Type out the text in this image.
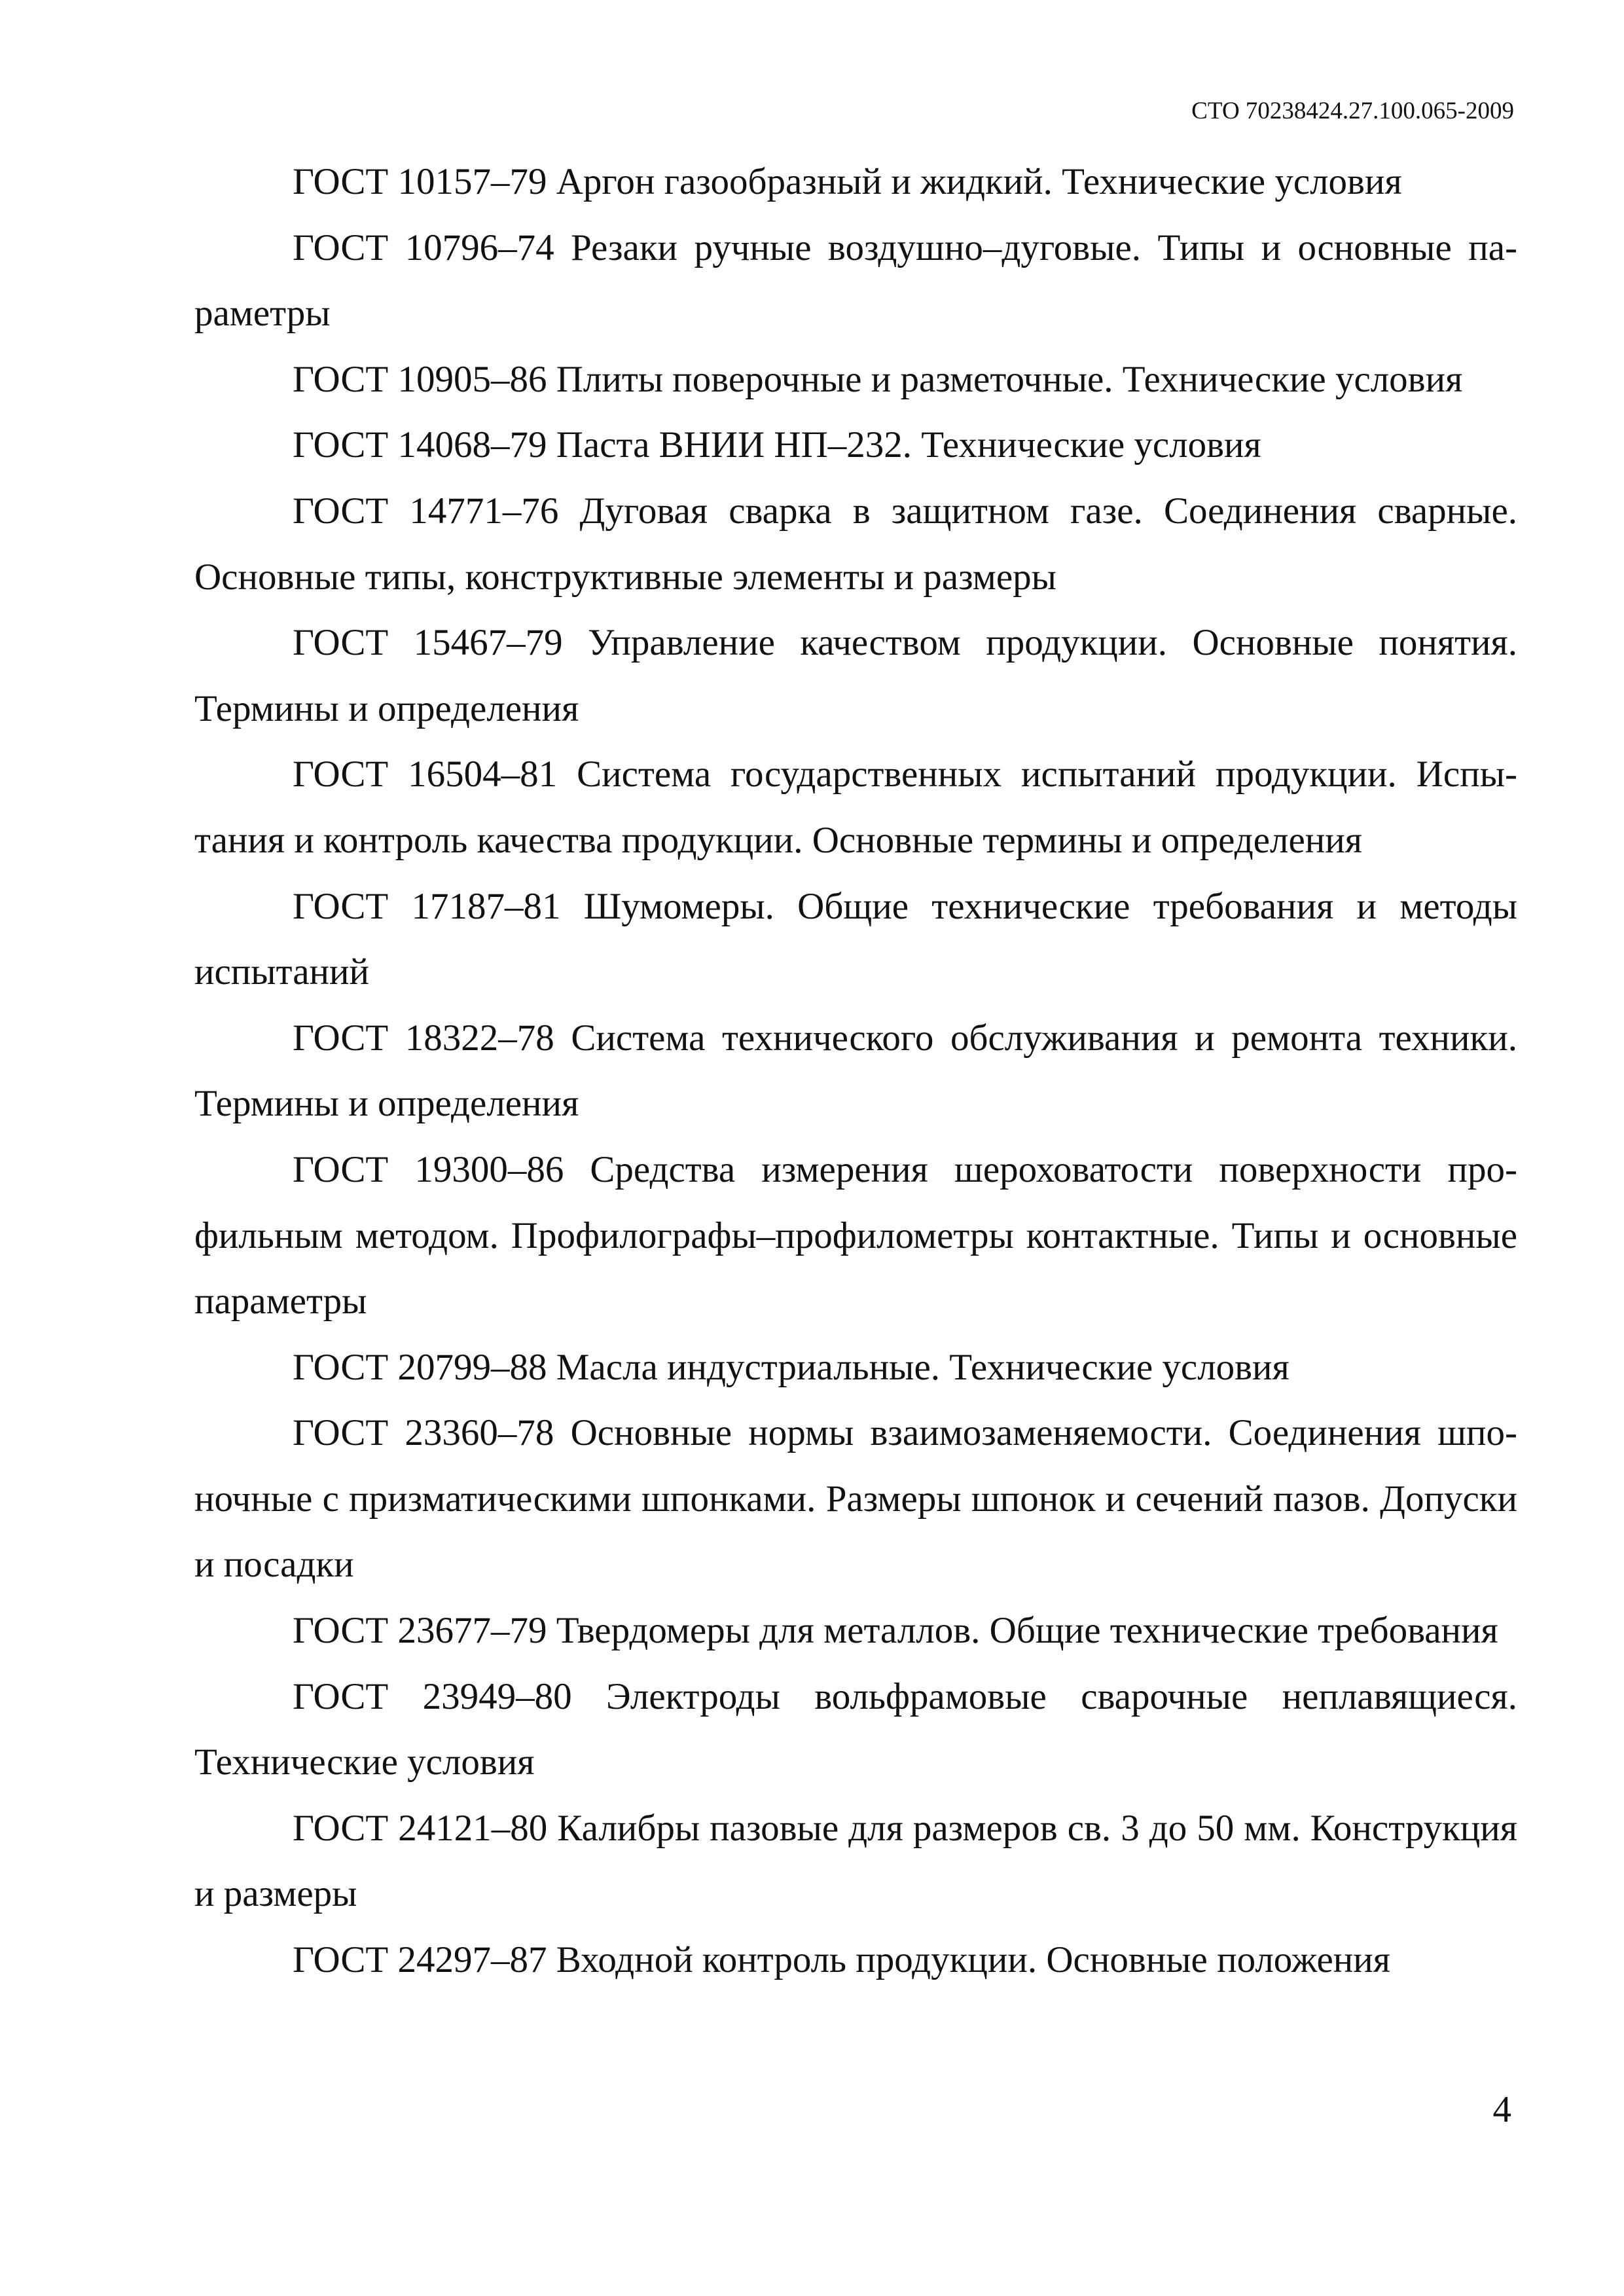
СТО 70238424.27.100.065-2009

ГОСТ 10157–79 Аргон газообразный и жидкий. Технические условия

ГОСТ 10796–74 Резаки ручные воздушно–дуговые. Типы и основные параметры

ГОСТ 10905–86 Плиты поверочные и разметочные. Технические условия

ГОСТ 14068–79 Паста ВНИИ НП–232. Технические условия

ГОСТ 14771–76 Дуговая сварка в защитном газе. Соединения сварные. Основные типы, конструктивные элементы и размеры

ГОСТ 15467–79 Управление качеством продукции. Основные понятия. Термины и определения

ГОСТ 16504–81 Система государственных испытаний продукции. Испытания и контроль качества продукции. Основные термины и определения

ГОСТ 17187–81 Шумомеры. Общие технические требования и методы испытаний

ГОСТ 18322–78 Система технического обслуживания и ремонта техники. Термины и определения

ГОСТ 19300–86 Средства измерения шероховатости поверхности профильным методом. Профилографы–профилометры контактные. Типы и основные параметры

ГОСТ 20799–88 Масла индустриальные. Технические условия

ГОСТ 23360–78 Основные нормы взаимозаменяемости. Соединения шпоночные с призматическими шпонками. Размеры шпонок и сечений пазов. Допуски и посадки

ГОСТ 23677–79 Твердомеры для металлов. Общие технические требования

ГОСТ 23949–80 Электроды вольфрамовые сварочные неплавящиеся. Технические условия

ГОСТ 24121–80 Калибры пазовые для размеров св. 3 до 50 мм. Конструкция и размеры

ГОСТ 24297–87 Входной контроль продукции. Основные положения

4
